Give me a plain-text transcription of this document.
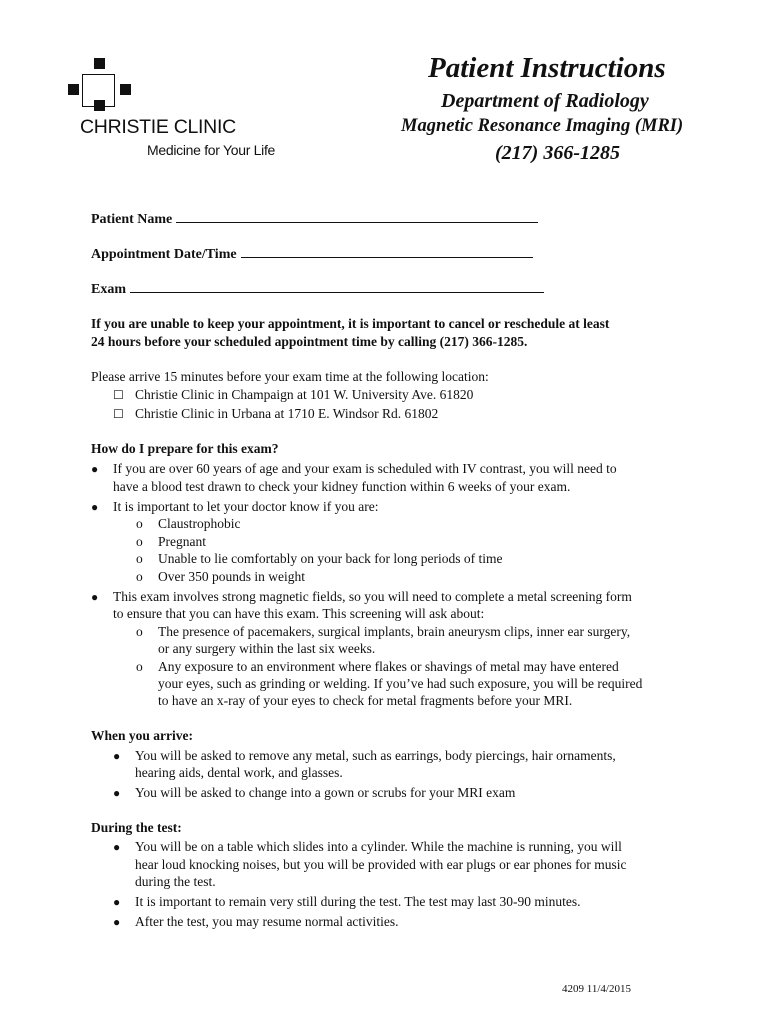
CHRISTIE CLINIC
Medicine for Your Life
Patient Instructions
Department of Radiology
Magnetic Resonance Imaging (MRI)
(217) 366-1285
Patient Name
Appointment Date/Time
Exam
If you are unable to keep your appointment, it is important to cancel or reschedule at least
24 hours before your scheduled appointment time by calling (217) 366-1285.
Please arrive 15 minutes before your exam time at the following location:
☐ Christie Clinic in Champaign at 101 W. University Ave. 61820
☐ Christie Clinic in Urbana at 1710 E. Windsor Rd. 61802
How do I prepare for this exam?
● If you are over 60 years of age and your exam is scheduled with IV contrast, you will need to
have a blood test drawn to check your kidney function within 6 weeks of your exam.
● It is important to let your doctor know if you are:
o Claustrophobic
o Pregnant
o Unable to lie comfortably on your back for long periods of time
o Over 350 pounds in weight
● This exam involves strong magnetic fields, so you will need to complete a metal screening form
to ensure that you can have this exam. This screening will ask about:
o The presence of pacemakers, surgical implants, brain aneurysm clips, inner ear surgery,
or any surgery within the last six weeks.
o Any exposure to an environment where flakes or shavings of metal may have entered
your eyes, such as grinding or welding. If you’ve had such exposure, you will be required
to have an x-ray of your eyes to check for metal fragments before your MRI.
When you arrive:
● You will be asked to remove any metal, such as earrings, body piercings, hair ornaments,
hearing aids, dental work, and glasses.
● You will be asked to change into a gown or scrubs for your MRI exam
During the test:
● You will be on a table which slides into a cylinder. While the machine is running, you will
hear loud knocking noises, but you will be provided with ear plugs or ear phones for music
during the test.
● It is important to remain very still during the test. The test may last 30-90 minutes.
● After the test, you may resume normal activities.
4209 11/4/2015
